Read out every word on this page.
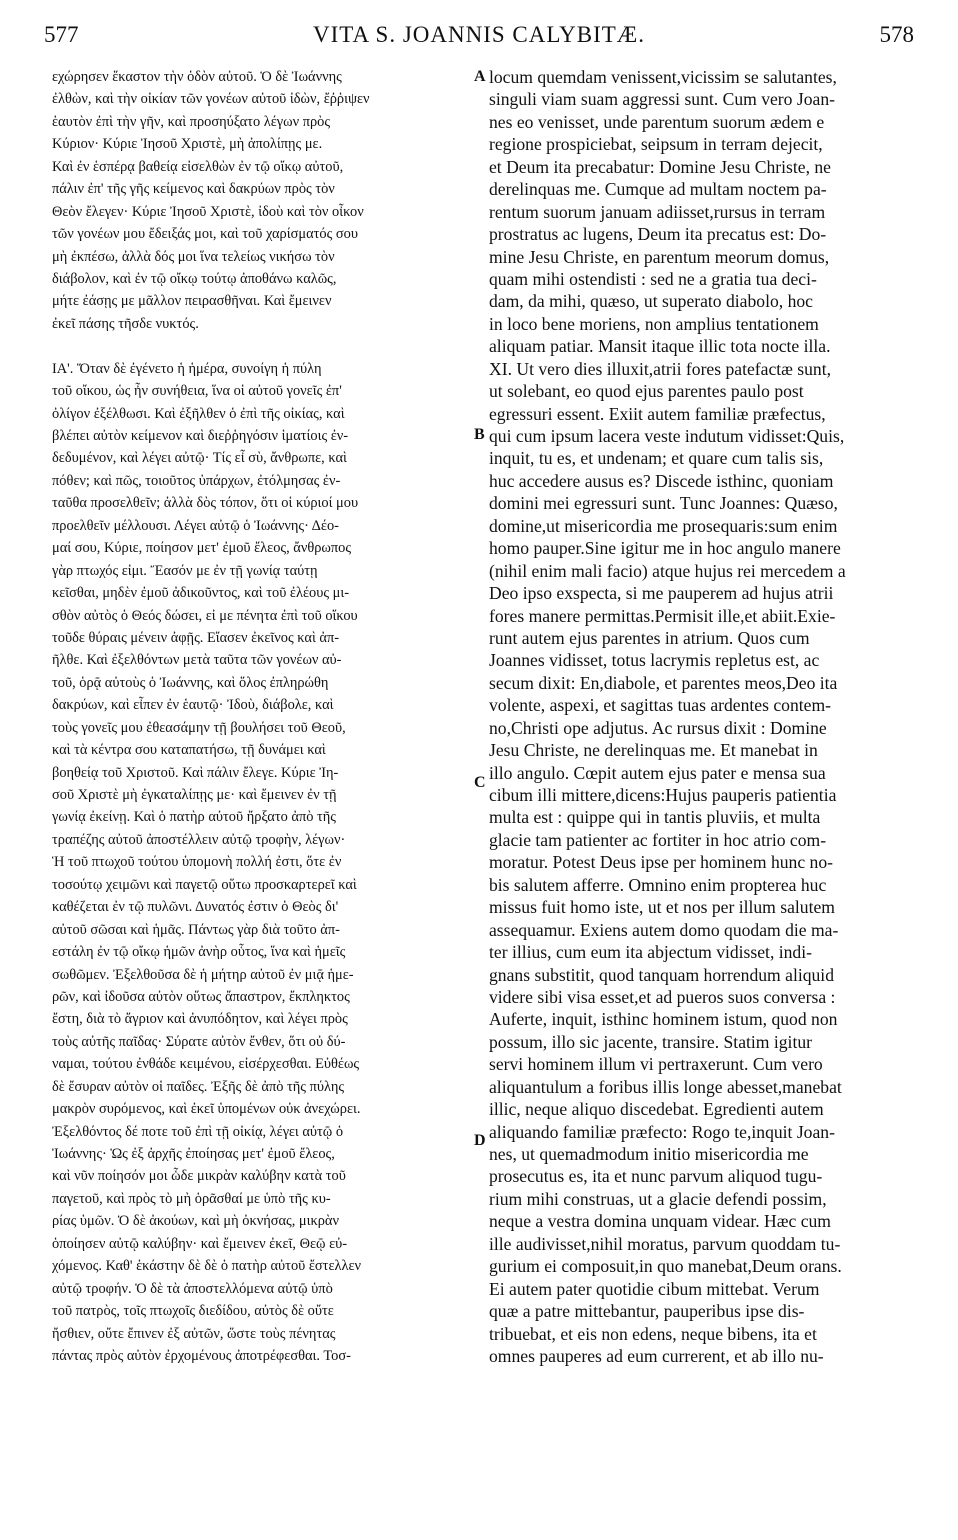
577	VITA S. JOANNIS CALYBITÆ.	578
εχώρησεν ἕκαστον τὴν ὁδὸν αὐτοῦ. Ὁ δὲ Ἰωάννης
ἐλθὼν, καὶ τὴν οἰκίαν τῶν γονέων αὐτοῦ ἰδὼν, ἔῤῥιψεν
ἑαυτὸν ἐπὶ τὴν γῆν, καὶ προσηύξατο λέγων πρὸς
Κύριον· Κύριε Ἰησοῦ Χριστὲ, μὴ ἀπολίπῃς με.
Καὶ ἐν ἑσπέρᾳ βαθείᾳ εἰσελθὼν ἐν τῷ οἴκῳ αὐτοῦ,
πάλιν ἐπ' τῆς γῆς κείμενος καὶ δακρύων πρὸς τὸν
Θεὸν ἔλεγεν· Κύριε Ἰησοῦ Χριστὲ, ἰδοὺ καὶ τὸν οἶκον
τῶν γονέων μου ἔδειξάς μοι, καὶ τοῦ χαρίσματός σου
μὴ ἐκπέσω, ἀλλὰ δός μοι ἵνα τελείως νικήσω τὸν
διάβολον, καὶ ἐν τῷ οἴκῳ τούτῳ ἀποθάνω καλῶς,
μήτε ἐάσῃς με μᾶλλον πειρασθῆναι. Καὶ ἔμεινεν
ἐκεῖ πάσης τῆσδε νυκτός.
ΙΑ'. Ὅταν δὲ ἐγένετο ἡ ἡμέρα, συνοίγη ἡ πύλη
τοῦ οἴκου, ὡς ἦν συνήθεια, ἵνα οἱ αὐτοῦ γονεῖς ἐπ'
ὀλίγον ἐξέλθωσι. Καὶ ἐξῆλθεν ὁ ἐπὶ τῆς οἰκίας, καὶ
βλέπει αὐτὸν κείμενον καὶ διεῤῥηγόσιν ἱματίοις ἐν-
δεδυμένον, καὶ λέγει αὐτῷ· Τίς εἶ σὺ, ἄνθρωπε, καὶ
πόθεν; καὶ πῶς, τοιοῦτος ὑπάρχων, ἐτόλμησας ἐν-
ταῦθα προσελθεῖν; ἀλλὰ δὸς τόπον, ὅτι οἱ κύριοί μου
προελθεῖν μέλλουσι. Λέγει αὐτῷ ὁ Ἰωάννης· Δέο-
μαί σου, Κύριε, ποίησον μετ' ἐμοῦ ἔλεος, ἄνθρωπος
γὰρ πτωχός εἰμι. Ἔασόν με ἐν τῇ γωνίᾳ ταύτῃ
κεῖσθαι, μηδὲν ἐμοῦ ἀδικοῦντος, καὶ τοῦ ἐλέους μι-
σθὸν αὐτὸς ὁ Θεός δώσει, εἰ με πένητα ἐπὶ τοῦ οἴκου
τοῦδε θύραις μένειν ἀφῇς. Εἴασεν ἐκεῖνος καὶ ἀπ-
ῆλθε. Καὶ ἐξελθόντων μετὰ ταῦτα τῶν γονέων αὐ-
τοῦ, ὁρᾷ αὐτοὺς ὁ Ἰωάννης, καὶ ὅλος ἐπληρώθη
δακρύων, καὶ εἶπεν ἐν ἑαυτῷ· Ἰδοὺ, διάβολε, καὶ
τοὺς γονεῖς μου ἐθεασάμην τῇ βουλήσει τοῦ Θεοῦ,
καὶ τὰ κέντρα σου καταπατήσω, τῇ δυνάμει καὶ
βοηθείᾳ τοῦ Χριστοῦ. Καὶ πάλιν ἔλεγε. Κύριε Ἰη-
σοῦ Χριστὲ μὴ ἐγκαταλίπῃς με· καὶ ἔμεινεν ἐν τῇ
γωνίᾳ ἐκείνῃ. Καὶ ὁ πατὴρ αὐτοῦ ἤρξατο ἀπὸ τῆς
τραπέζης αὐτοῦ ἀποστέλλειν αὐτῷ τροφὴν, λέγων·
Ἡ τοῦ πτωχοῦ τούτου ὑπομονὴ πολλή ἐστι, ὅτε ἐν
τοσούτῳ χειμῶνι καὶ παγετῷ οὕτω προσκαρτερεῖ καὶ
καθέζεται ἐν τῷ πυλῶνι. Δυνατός ἐστιν ὁ Θεὸς δι'
αὐτοῦ σῶσαι καὶ ἡμᾶς. Πάντως γὰρ διὰ τοῦτο ἀπ-
εστάλη ἐν τῷ οἴκῳ ἡμῶν ἀνὴρ οὗτος, ἵνα καὶ ἡμεῖς
σωθῶμεν. Ἐξελθοῦσα δὲ ἡ μήτηρ αὐτοῦ ἐν μιᾷ ἡμε-
ρῶν, καὶ ἰδοῦσα αὐτὸν οὕτως ἄπαστρον, ἔκπληκτος
ἔστη, διὰ τὸ ἄγριον καὶ ἀνυπόδητον, καὶ λέγει πρὸς
τοὺς αὐτῆς παῖδας· Σύρατε αὐτὸν ἔνθεν, ὅτι οὐ δύ-
ναμαι, τούτου ἐνθάδε κειμένου, εἰσέρχεσθαι. Εὐθέως
δὲ ἔσυραν αὐτὸν οἱ παῖδες. Ἐξῆς δὲ ἀπὸ τῆς πύλης
μακρὸν συρόμενος, καὶ ἐκεῖ ὑπομένων οὐκ ἀνεχώρει.
Ἐξελθόντος δέ ποτε τοῦ ἐπὶ τῇ οἰκίᾳ, λέγει αὐτῷ ὁ
Ἰωάννης· Ὡς ἐξ ἀρχῆς ἐποίησας μετ' ἐμοῦ ἔλεος,
καὶ νῦν ποίησόν μοι ὧδε μικρὰν καλύβην κατὰ τοῦ
παγετοῦ, καὶ πρὸς τὸ μὴ ὁρᾶσθαί με ὑπὸ τῆς κυ-
ρίας ὑμῶν. Ὁ δὲ ἀκούων, καὶ μὴ ὀκνήσας, μικρὰν
ὁποίησεν αὐτῷ καλύβην· καὶ ἔμεινεν ἐκεῖ, Θεῷ εὐ-
χόμενος. Καθ' ἑκάστην δὲ δὲ ὁ πατὴρ αὐτοῦ ἔστελλεν
αὐτῷ τροφήν. Ὁ δὲ τὰ ἀποστελλόμενα αὐτῷ ὑπὸ
τοῦ πατρὸς, τοῖς πτωχοῖς διεδίδου, αὐτὸς δὲ οὔτε
ἤσθιεν, οὔτε ἔπινεν ἐξ αὐτῶν, ὥστε τοὺς πένητας
πάντας πρὸς αὐτὸν ἐρχομένους ἀποτρέφεσθαι. Τοσ-
locum quemdam venissent,vicissim se salutantes,
singuli viam suam aggressi sunt. Cum vero Joan-
nes eo venisset, unde parentum suorum ædem e
regione prospiciebat, seipsum in terram dejecit,
et Deum ita precabatur: Domine Jesu Christe, ne
derelinquas me. Cumque ad multam noctem pa-
rentum suorum januam adiisset,rursus in terram
prostratus ac lugens, Deum ita precatus est: Do-
mine Jesu Christe, en parentum meorum domus,
quam mihi ostendisti : sed ne a gratia tua deci-
dam, da mihi, quæso, ut superato diabolo, hoc
in loco bene moriens, non amplius tentationem
aliquam patiar. Mansit itaque illic tota nocte illa.
XI. Ut vero dies illuxit,atrii fores patefactæ sunt,
ut solebant, eo quod ejus parentes paulo post
egressuri essent. Exiit autem familiæ præfectus,
qui cum ipsum lacera veste indutum vidisset:Quis,
inquit, tu es, et undenam; et quare cum talis sis,
huc accedere ausus es? Discede isthinc, quoniam
domini mei egressuri sunt. Tunc Joannes: Quæso,
domine,ut misericordia me prosequaris:sum enim
homo pauper.Sine igitur me in hoc angulo manere
(nihil enim mali facio) atque hujus rei mercedem a
Deo ipso exspecta, si me pauperem ad hujus atrii
fores manere permittas.Permisit ille,et abiit.Exie-
runt autem ejus parentes in atrium. Quos cum
Joannes vidisset, totus lacrymis repletus est, ac
secum dixit: En,diabole, et parentes meos,Deo ita
volente, aspexi, et sagittas tuas ardentes contem-
no,Christi ope adjutus. Ac rursus dixit : Domine
Jesu Christe, ne derelinquas me. Et manebat in
illo angulo. Cœpit autem ejus pater e mensa sua
cibum illi mittere,dicens:Hujus pauperis patientia
multa est : quippe qui in tantis pluviis, et multa
glacie tam patienter ac fortiter in hoc atrio com-
moratur. Potest Deus ipse per hominem hunc no-
bis salutem afferre. Omnino enim propterea huc
missus fuit homo iste, ut et nos per illum salutem
assequamur. Exiens autem domo quodam die ma-
ter illius, cum eum ita abjectum vidisset, indi-
gnans substitit, quod tanquam horrendum aliquid
videre sibi visa esset,et ad pueros suos conversa :
Auferte, inquit, isthinc hominem istum, quod non
possum, illo sic jacente, transire. Statim igitur
servi hominem illum vi pertraxerunt. Cum vero
aliquantulum a foribus illis longe abesset,manebat
illic, neque aliquo discedebat. Egredienti autem
aliquando familiæ præfecto: Rogo te,inquit Joan-
nes, ut quemadmodum initio misericordia me
prosecutus es, ita et nunc parvum aliquod tugu-
rium mihi construas, ut a glacie defendi possim,
neque a vestra domina unquam videar. Hæc cum
ille audivisset,nihil moratus, parvum quoddam tu-
gurium ei composuit,in quo manebat,Deum orans.
Ei autem pater quotidie cibum mittebat. Verum
quæ a patre mittebantur, pauperibus ipse dis-
tribuebat, et eis non edens, neque bibens, ita et
omnes pauperes ad eum currerent, et ab illo nu-
A
B
C
D
